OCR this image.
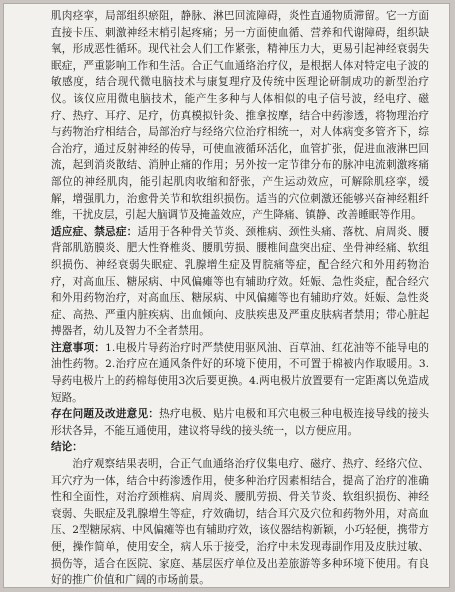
肌肉痉挛，局部组织瘀阻，静脉、淋巴回流障碍，炎性直通物质滞留。它一方面直接卡压、刺激神经末梢引起疼痛；另一方面使血循、营养和代谢障碍，组织缺氧，形成恶性循环。现代社会人们工作紧张，精神压力大，更易引起神经衰弱失眠症，严重影响工作和生活。合正气血通络治疗仪，是根据人体对特定电子波的敏感度，结合现代微电脑技术与康复理疗及传统中医理论研制成功的新型治疗仪。该仪应用微电脑技术，能产生多种与人体相似的电子信号波，经电疗、磁疗、热疗、耳疗、足疗，仿真模拟针灸、推拿按摩，结合中药渗透，将物理治疗与药物治疗相结合，局部治疗与经络穴位治疗相统一，对人体病变多管齐下，综合治疗，通过反射神经的传导，可使血液循环活化，血管扩张，促进血液淋巴回流，起到消炎散结、消肿止痛的作用；另外按一定节律分布的脉冲电流刺激疼痛部位的神经肌肉，能引起肌肉收缩和舒张，产生运动效应，可解除肌痉挛，缓解，增强肌力，治愈骨关节和软组织损伤。适当的穴位刺激还能够兴奋神经粗纤维，干扰皮层，引起大脑调节及掩盖效应，产生降痛、镇静、改善睡眠等作用。

适应症、禁忌症：适用于各种骨关节炎、颈椎病、颈性头痛、落枕、肩周炎、腰背部肌筋膜炎、肥大性脊椎炎、腰肌劳损、腰椎间盘突出症、坐骨神经痛、软组织损伤、神经衰弱失眠症、乳腺增生症及胃脘痛等症，配合经穴和外用药物治疗，对高血压、糖尿病、中风偏瘫等也有辅助疗效。妊娠、急性炎症，配合经穴和外用药物治疗，对高血压、糖尿病、中风偏瘫等也有辅助疗效。妊娠、急性炎症、高热、严重内脏疾病、出血倾向、皮肤疾患及严重皮肤病者禁用；带心脏起搏器者，幼儿及智力不全者禁用。

注意事项：1.电极片导药治疗时严禁使用驱风油、百草油、红花油等不能导电的油性药物。2.治疗应在通风条件好的环境下使用，不可置于棉被内作取暖用。3.导药电极片上的药棉每使用3次后要更换。4.两电极片放置要有一定距离以免造成短路。

存在问题及改进意见：热疗电极、贴片电极和耳穴电极三种电极连接导线的接头形状各异，不能互通使用，建议将导线的接头统一，以方便应用。

结论：

治疗观察结果表明，合正气血通络治疗仪集电疗、磁疗、热疗、经络穴位、耳穴疗为一体，结合中药渗透作用，使多种治疗因素相结合，提高了治疗的准确性和全面性，对治疗颈椎病、肩周炎、腰肌劳损、骨关节炎、软组织损伤、神经衰弱、失眠症及乳腺增生等症，疗效确切，结合耳穴及穴位和药物外用，对高血压、2型糖尿病、中风偏瘫等也有辅助疗效，该仪器结构新颖，小巧轻便，携带方便，操作简单，使用安全，病人乐于接受，治疗中未发现毒副作用及皮肤过敏、损伤等，适合在医院、家庭、基层医疗单位及出差旅游等多种环境下使用。有良好的推广价值和广阔的市场前景。
